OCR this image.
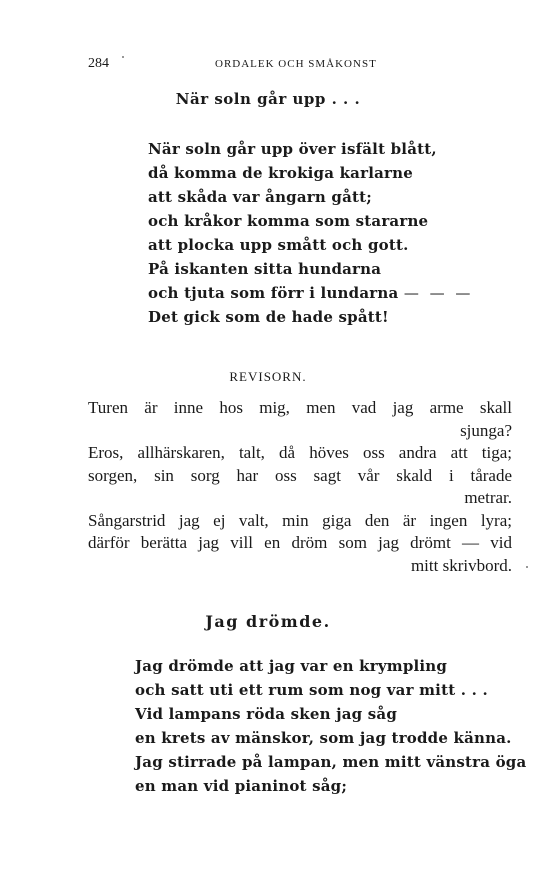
284	ORDALEK OCH SMÅKONST
När soln går upp . . .
När soln går upp över isfält blått,
då komma de krokiga karlarne
att skåda var ångarn gått;
och kråkor komma som stararne
att plocka upp smått och gott.
På iskanten sitta hundarna
och tjuta som förr i lundarna — — —
Det gick som de hade spått!
REVISORN.
Turen är inne hos mig, men vad jag arme skall
sjunga?
Eros, allhärskaren, talt, då höves oss andra att tiga;
sorgen, sin sorg har oss sagt vår skald i tårade
metrar.
Sångarstrid jag ej valt, min giga den är ingen lyra;
därför berätta jag vill en dröm som jag drömt — vid
mitt skrivbord.
Jag drömde.
Jag drömde att jag var en krympling
och satt uti ett rum som nog var mitt . . .
Vid lampans röda sken jag såg
en krets av mänskor, som jag trodde känna.
Jag stirrade på lampan, men mitt vänstra öga
en man vid pianinot såg;
